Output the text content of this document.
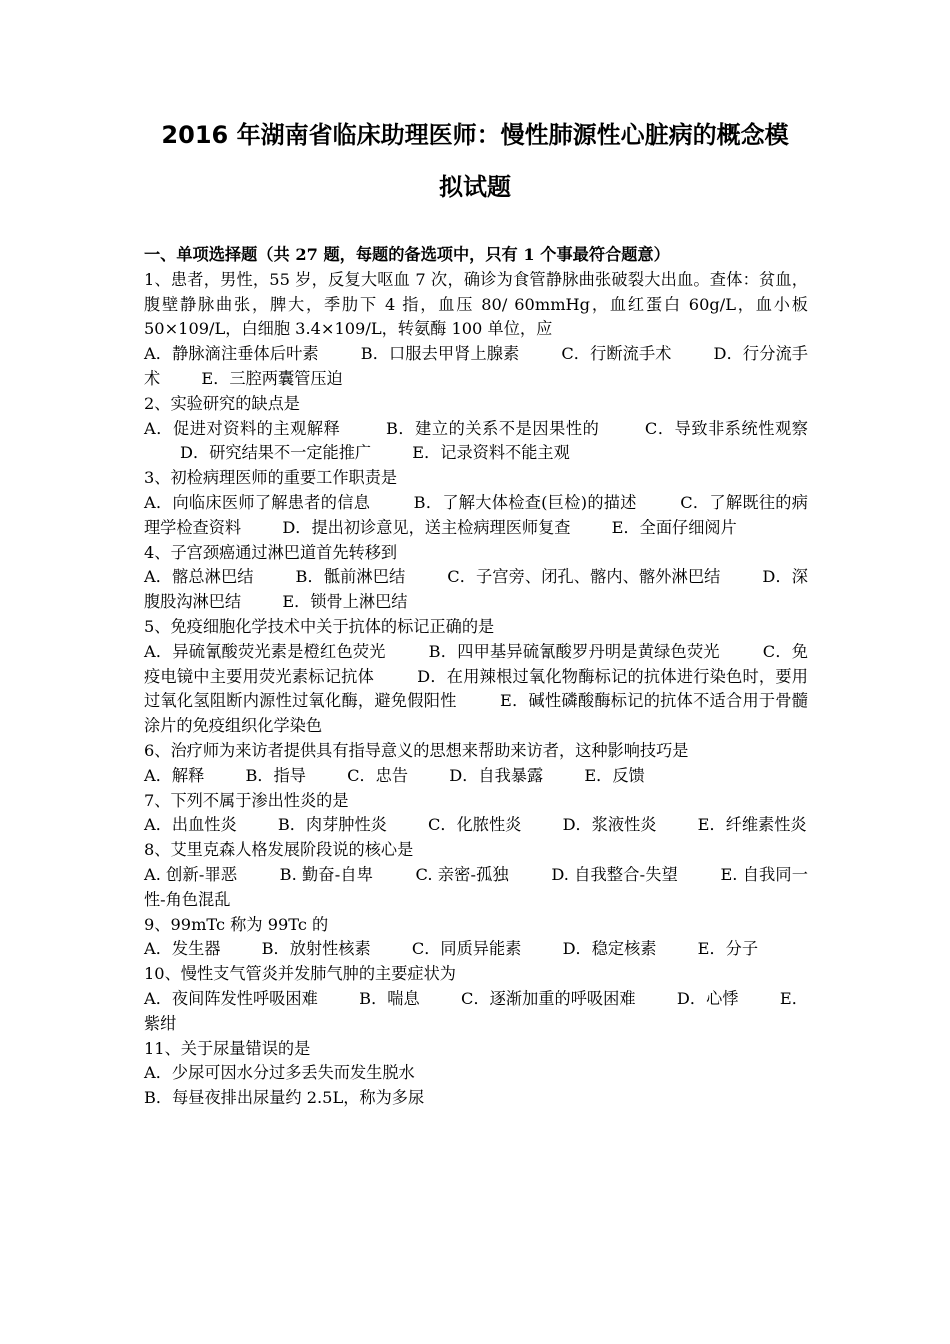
2016 年湖南省临床助理医师：慢性肺源性心脏病的概念模
拟试题

一、单项选择题（共 27 题，每题的备选项中，只有 1 个事最符合题意）

1、患者，男性，55 岁，反复大呕血 7 次，确诊为食管静脉曲张破裂大出血。查体：贫血，腹壁静脉曲张，脾大，季肋下 4 指，血压 80/ 60mmHg，血红蛋白 60g/L，血小板 50×109/L，白细胞 3.4×109/L，转氨酶 100 单位，应

A．静脉滴注垂体后叶素	B．口服去甲肾上腺素	C．行断流手术	D．行分流手术	E．三腔两囊管压迫

2、实验研究的缺点是

A．促进对资料的主观解释	B．建立的关系不是因果性的	C．导致非系统性观察 D．研究结果不一定能推广	E．记录资料不能主观

3、初检病理医师的重要工作职责是

A．向临床医师了解患者的信息	B．了解大体检查(巨检)的描述	C．了解既往的病理学检查资料	D．提出初诊意见，送主检病理医师复查	E．全面仔细阅片

4、子宫颈癌通过淋巴道首先转移到

A．髂总淋巴结	B．骶前淋巴结	C．子宫旁、闭孔、髂内、髂外淋巴结	D．深腹股沟淋巴结	E．锁骨上淋巴结

5、免疫细胞化学技术中关于抗体的标记正确的是

A．异硫氰酸荧光素是橙红色荧光	B．四甲基异硫氰酸罗丹明是黄绿色荧光	C．免疫电镜中主要用荧光素标记抗体	D．在用辣根过氧化物酶标记的抗体进行染色时，要用过氧化氢阻断内源性过氧化酶，避免假阳性	E．碱性磷酸酶标记的抗体不适合用于骨髓涂片的免疫组织化学染色

6、治疗师为来访者提供具有指导意义的思想来帮助来访者，这种影响技巧是

A．解释	B．指导	C．忠告	D．自我暴露	E．反馈

7、下列不属于渗出性炎的是

A．出血性炎	B．肉芽肿性炎	C．化脓性炎	D．浆液性炎	E．纤维素性炎

8、艾里克森人格发展阶段说的核心是

A. 创新-罪恶	B. 勤奋-自卑	C. 亲密-孤独	D. 自我整合-失望	E. 自我同一性-角色混乱

9、99mTc 称为 99Tc 的

A．发生器	B．放射性核素	C．同质异能素	D．稳定核素	E．分子

10、慢性支气管炎并发肺气肿的主要症状为

A．夜间阵发性呼吸困难	B．喘息	C．逐渐加重的呼吸困难	D．心悸	E．紫绀

11、关于尿量错误的是

A．少尿可因水分过多丢失而发生脱水
B．每昼夜排出尿量约 2.5L，称为多尿
